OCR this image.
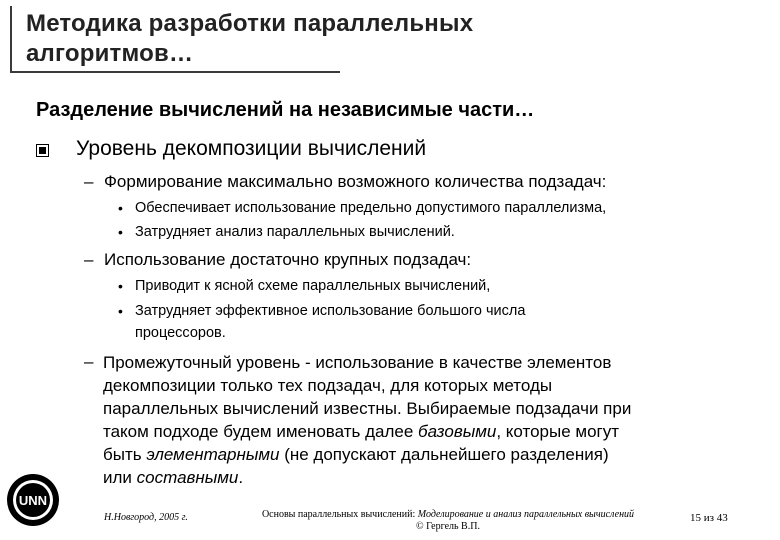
Методика разработки параллельных
алгоритмов…
Разделение вычислений на независимые части…
Уровень декомпозиции вычислений
– Формирование максимально возможного количества подзадач:
• Обеспечивает использование предельно допустимого параллелизма,
• Затрудняет анализ параллельных вычислений.
– Использование достаточно крупных подзадач:
• Приводит к ясной схеме параллельных вычислений,
• Затрудняет эффективное использование большого числа
процессоров.
– Промежуточный уровень - использование в качестве элементов
декомпозиции только тех подзадач, для которых методы
параллельных вычислений известны. Выбираемые подзадачи при
таком подходе будем именовать далее базовыми, которые могут
быть элементарными (не допускают дальнейшего разделения)
или составными.
UNN
Н.Новгород, 2005 г.	Основы параллельных вычислений: Моделирование и анализ параллельных вычислений
© Гергель В.П.
15 из 43
